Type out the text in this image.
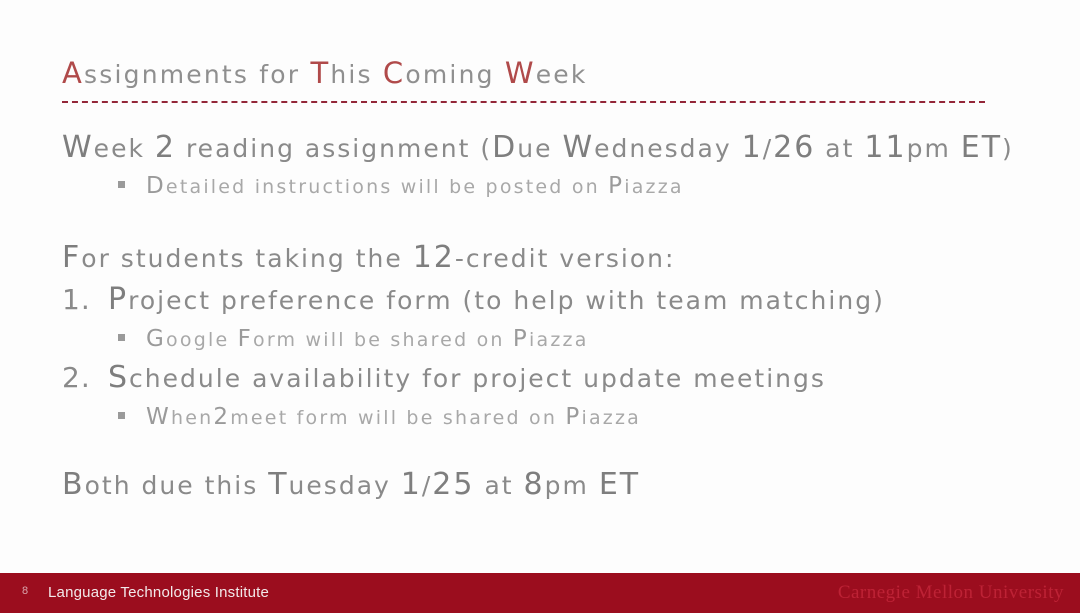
Assignments for This Coming Week
Week 2 reading assignment (Due Wednesday 1/26 at 11pm ET)
Detailed instructions will be posted on Piazza
For students taking the 12-credit version:
1. Project preference form (to help with team matching)
Google Form will be shared on Piazza
2. Schedule availability for project update meetings
When2meet form will be shared on Piazza
Both due this Tuesday 1/25 at 8pm ET
8 Language Technologies Institute	Carnegie Mellon University
